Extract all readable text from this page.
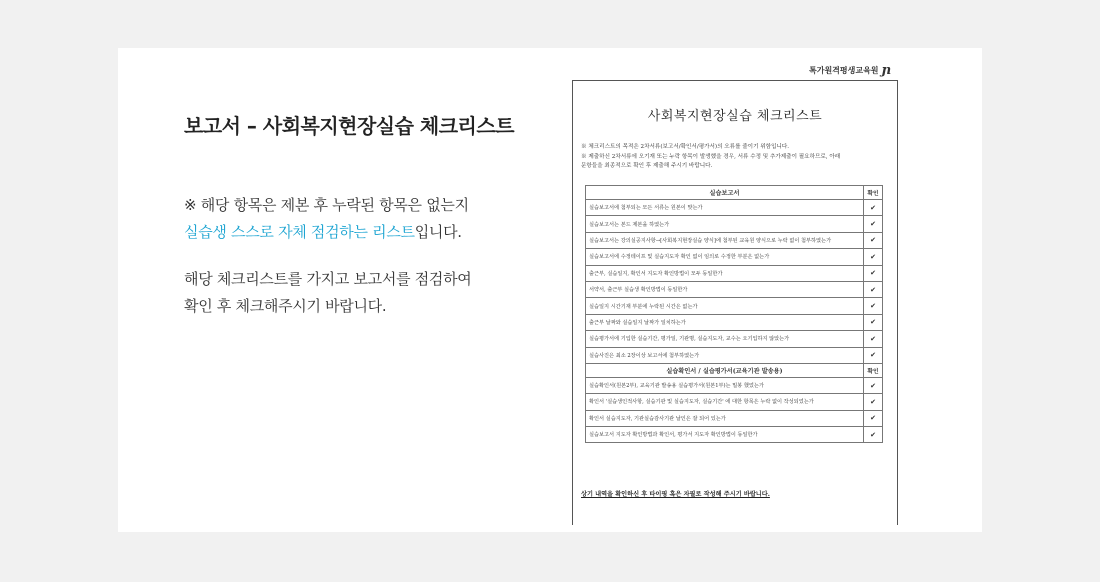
보고서 – 사회복지현장실습 체크리스트
※ 해당 항목은 제본 후 누락된 항목은 없는지
실습생 스스로 자체 점검하는 리스트입니다.
해당 체크리스트를 가지고 보고서를 점검하여
확인 후 체크해주시기 바랍니다.
톡가원격평생교육원 ɲ
사회복지현장실습 체크리스트
※ 체크리스트의 목적은 2차서류(보고서/확인서/평가서)의 오류를 줄이기 위함입니다.
※ 제출하신 2차서류에 오기재 또는 누락 항목이 발생했을 경우, 서류 수정 및 추가제출이 필요하므로, 아래
문항들을 최종적으로 확인 후 제출해 주시기 바랍니다.
실습보고서	확인
실습보고서에 첨부되는 모든 서류는 원본이 맞는가	✔
실습보고서는 본드 제본을 하였는가	✔
실습보고서는 강의실공지사항→[사회복지현장실습 양식]에 첨부된 교육원 양식으로 누락 없이 첨부하였는가	✔
실습보고서에 수정테이프 및 실습지도자 확인 없이 임의로 수정한 부분은 없는가	✔
출근부, 실습일지, 확인서 지도자 확인방법이 모두 동일한가	✔
서약서, 출근부 실습생 확인방법이 동일한가	✔
실습일지 시간기재 부분에 누락된 시간은 없는가	✔
출근부 날짜와 실습일지 날짜가 일치하는가	✔
실습평가서에 기입한 실습기간, 평가일, 기관명, 실습지도자, 교수는 오기입하지 않았는가	✔
실습사진은 최소 2장이상 보고서에 첨부하였는가	✔
실습확인서 / 실습평가서(교육기관 발송용)	확인
실습확인서(원본2부), 교육기관 발송용 실습평가서(원본1부)는 밀봉 했었는가	✔
확인서 '실습생인적사항, 실습기관 및 실습지도자, 실습기간' 에 대한 항목은 누락 없이 작성되었는가	✔
확인서 실습지도자, 기관실습감사기관 날인은 잘 되어 있는가	✔
실습보고서 지도자 확인방법과 확인서, 평가서 지도자 확인방법이 동일한가	✔
상기 내역을 확인하신 후 타이핑 혹은 자필로 작성해 주시기 바랍니다.
